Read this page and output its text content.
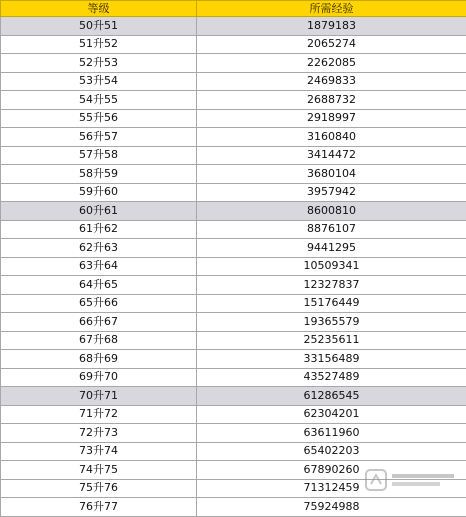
等级	所需经验
50升51	1879183
51升52	2065274
52升53	2262085
53升54	2469833
54升55	2688732
55升56	2918997
56升57	3160840
57升58	3414472
58升59	3680104
59升60	3957942
60升61	8600810
61升62	8876107
62升63	9441295
63升64	10509341
64升65	12327837
65升66	15176449
66升67	19365579
67升68	25235611
68升69	33156489
69升70	43527489
70升71	61286545
71升72	62304201
72升73	63611960
73升74	65402203
74升75	67890260
75升76	71312459
76升77	75924988
